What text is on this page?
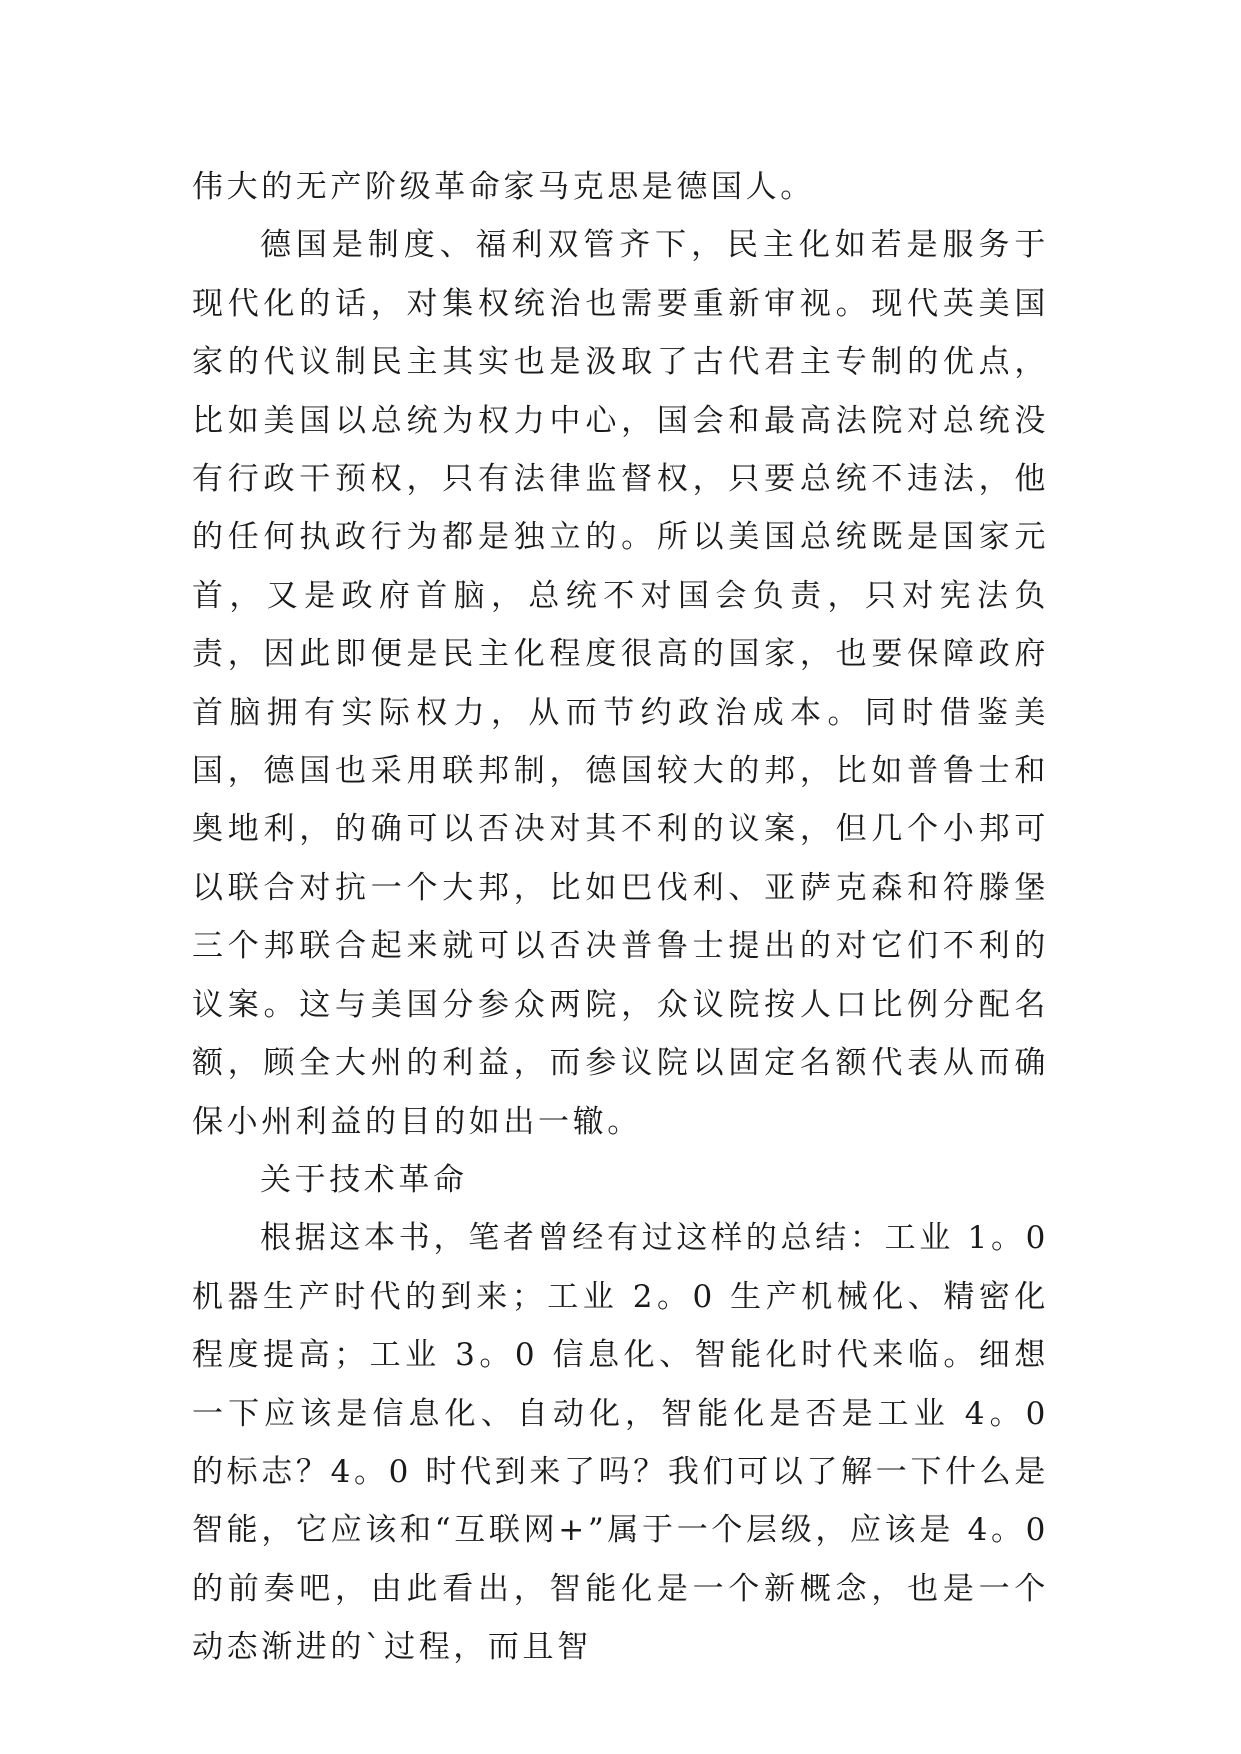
伟大的无产阶级革命家马克思是德国人。

德国是制度、福利双管齐下，民主化如若是服务于现代化的话，对集权统治也需要重新审视。现代英美国家的代议制民主其实也是汲取了古代君主专制的优点，比如美国以总统为权力中心，国会和最高法院对总统没有行政干预权，只有法律监督权，只要总统不违法，他的任何执政行为都是独立的。所以美国总统既是国家元首，又是政府首脑，总统不对国会负责，只对宪法负责，因此即便是民主化程度很高的国家，也要保障政府首脑拥有实际权力，从而节约政治成本。同时借鉴美国，德国也采用联邦制，德国较大的邦，比如普鲁士和奥地利，的确可以否决对其不利的议案，但几个小邦可以联合对抗一个大邦，比如巴伐利、亚萨克森和符滕堡三个邦联合起来就可以否决普鲁士提出的对它们不利的议案。这与美国分参众两院，众议院按人口比例分配名额，顾全大州的利益，而参议院以固定名额代表从而确保小州利益的目的如出一辙。

关于技术革命

根据这本书，笔者曾经有过这样的总结：工业 1。0 机器生产时代的到来；工业 2。0 生产机械化、精密化程度提高；工业 3。0 信息化、智能化时代来临。细想一下应该是信息化、自动化，智能化是否是工业 4。0 的标志？4。0 时代到来了吗？我们可以了解一下什么是智能，它应该和“互联网+”属于一个层级，应该是 4。0 的前奏吧，由此看出，智能化是一个新概念，也是一个动态渐进的`过程，而且智
